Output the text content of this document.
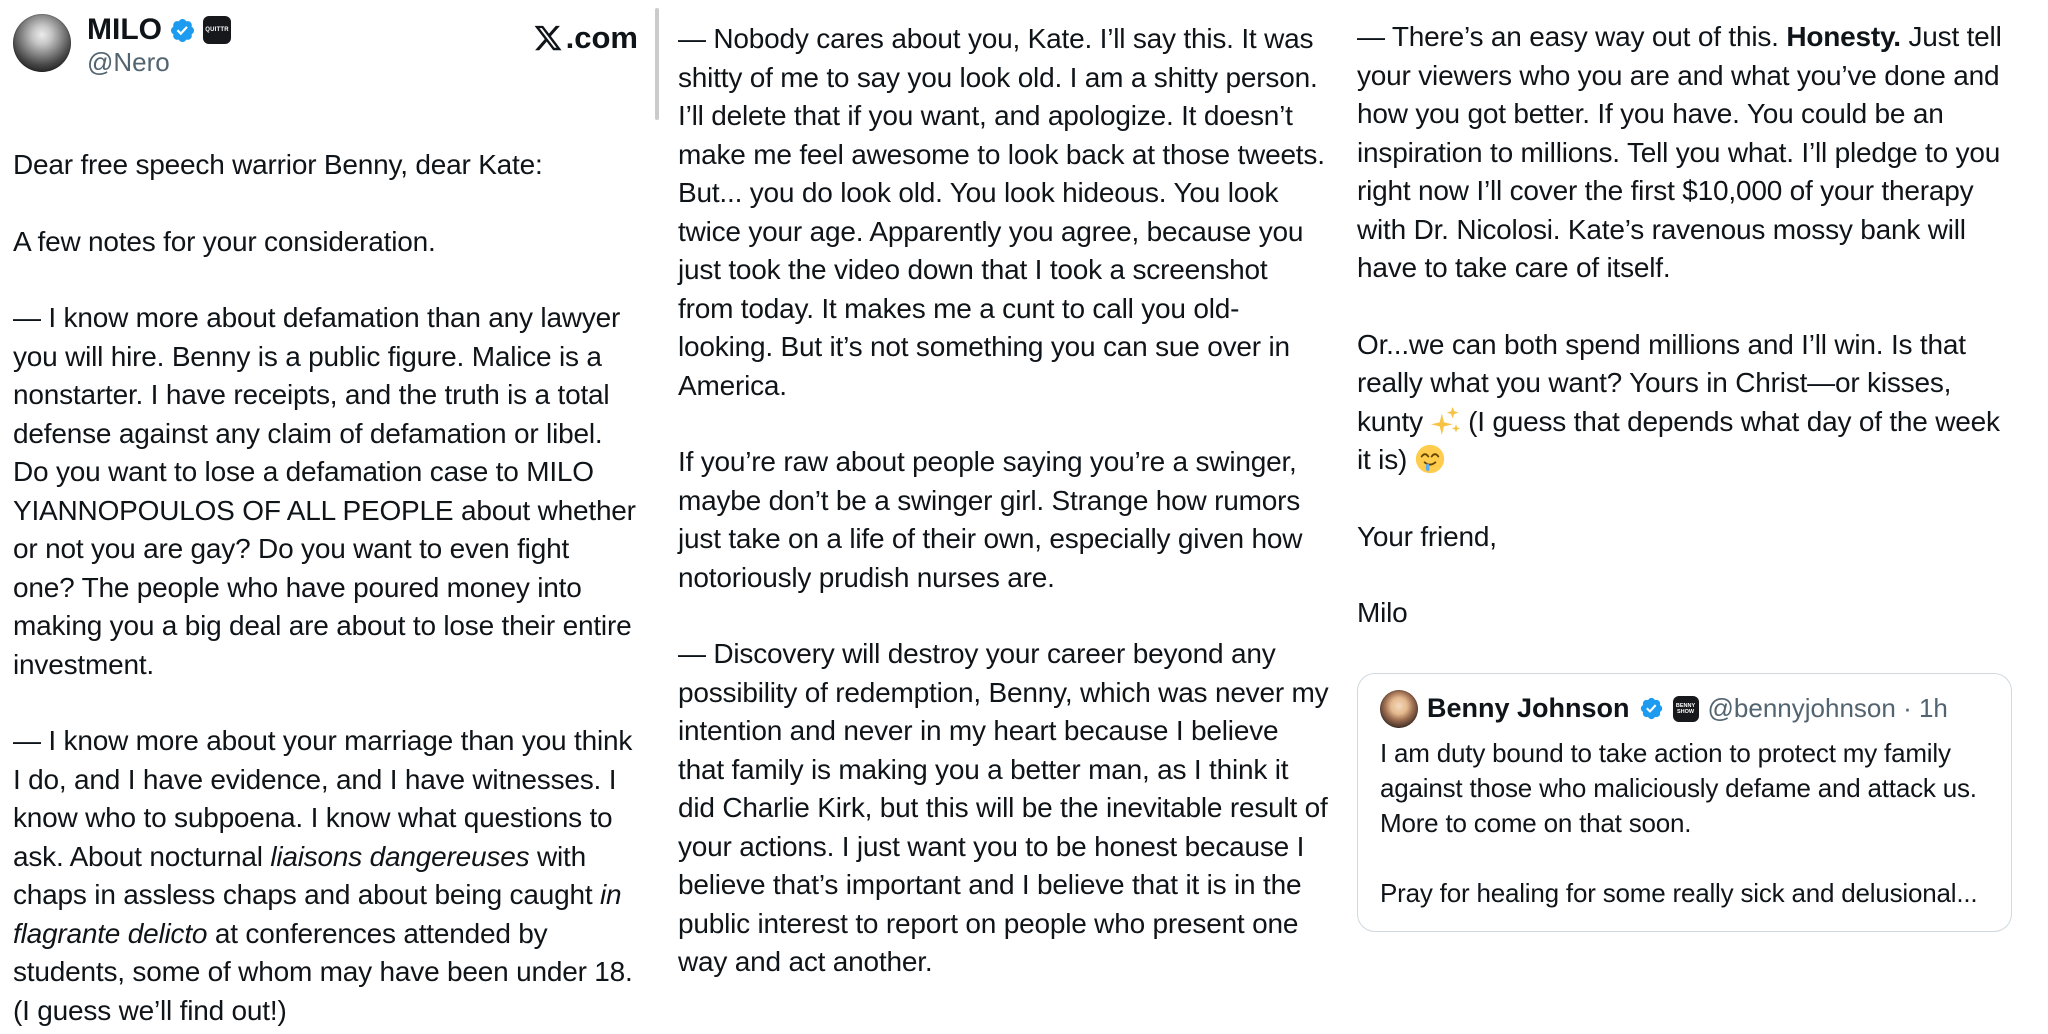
MILO	QUITTR
@Nero
.com

Dear free speech warrior Benny, dear Kate:

A few notes for your consideration.

— I know more about defamation than any lawyer you will hire. Benny is a public figure. Malice is a nonstarter. I have receipts, and the truth is a total defense against any claim of defamation or libel. Do you want to lose a defamation case to MILO YIANNOPOULOS OF ALL PEOPLE about whether or not you are gay? Do you want to even fight one? The people who have poured money into making you a big deal are about to lose their entire investment.

— I know more about your marriage than you think I do, and I have evidence, and I have witnesses. I know who to subpoena. I know what questions to ask. About nocturnal liaisons dangereuses with chaps in assless chaps and about being caught in flagrante delicto at conferences attended by students, some of whom may have been under 18. (I guess we’ll find out!)

— Nobody cares about you, Kate. I’ll say this. It was shitty of me to say you look old. I am a shitty person. I’ll delete that if you want, and apologize. It doesn’t make me feel awesome to look back at those tweets. But... you do look old. You look hideous. You look twice your age. Apparently you agree, because you just took the video down that I took a screenshot from today. It makes me a cunt to call you old-looking. But it’s not something you can sue over in America.

If you’re raw about people saying you’re a swinger, maybe don’t be a swinger girl. Strange how rumors just take on a life of their own, especially given how notoriously prudish nurses are.

— Discovery will destroy your career beyond any possibility of redemption, Benny, which was never my intention and never in my heart because I believe that family is making you a better man, as I think it did Charlie Kirk, but this will be the inevitable result of your actions. I just want you to be honest because I believe that’s important and I believe that it is in the public interest to report on people who present one way and act another.

— There’s an easy way out of this. Honesty. Just tell your viewers who you are and what you’ve done and how you got better. If you have. You could be an inspiration to millions. Tell you what. I’ll pledge to you right now I’ll cover the first $10,000 of your therapy with Dr. Nicolosi. Kate’s ravenous mossy bank will have to take care of itself.

Or...we can both spend millions and I’ll win. Is that really what you want? Yours in Christ—or kisses, kunty  (I guess that depends what day of the week it is)

Your friend,

Milo

Benny Johnson	BENNY SHOW @bennyjohnson · 1h

I am duty bound to take action to protect my family against those who maliciously defame and attack us. More to come on that soon.

Pray for healing for some really sick and delusional...
